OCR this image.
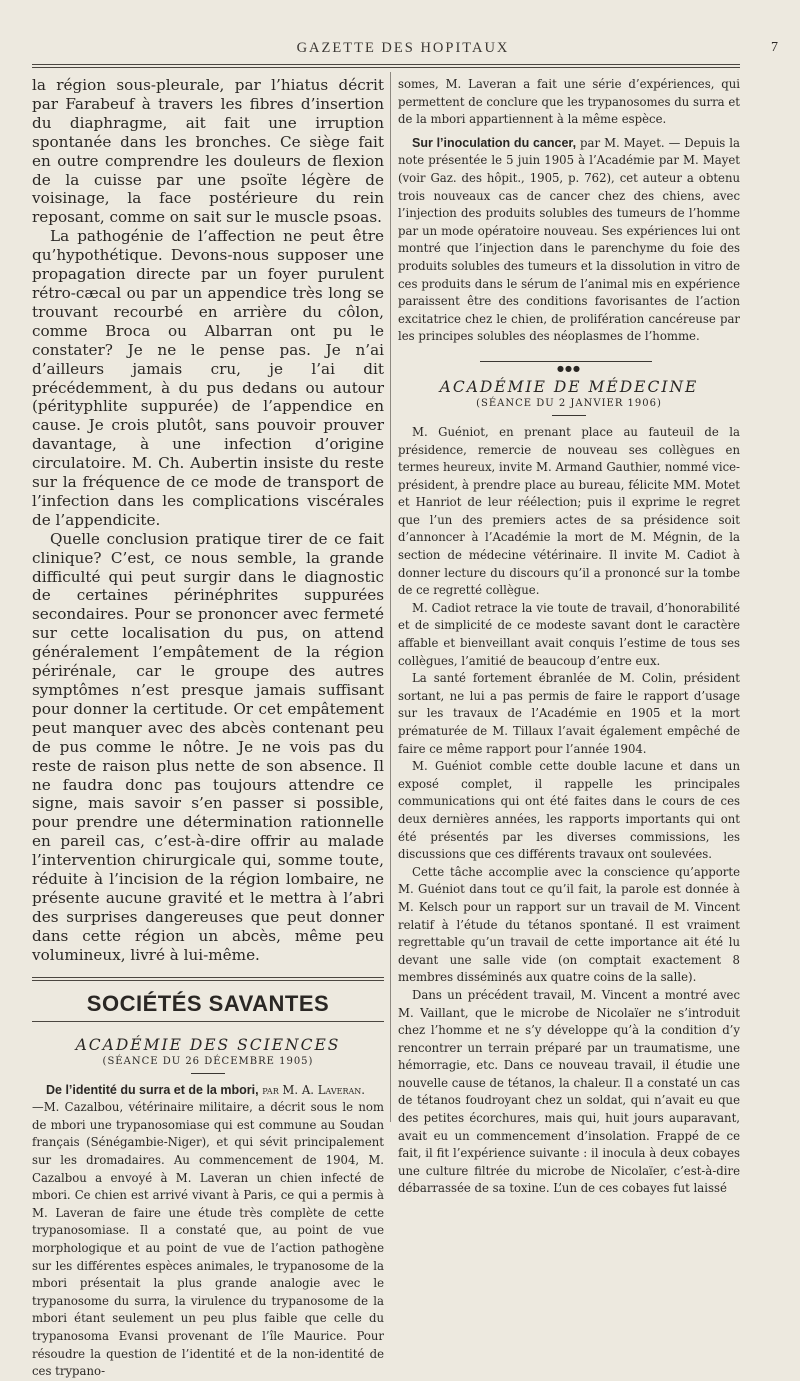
GAZETTE DES HOPITAUX	7

la région sous-pleurale, par l’hiatus décrit par Farabeuf à travers les fibres d’insertion du diaphragme, ait fait une irruption spontanée dans les bronches. Ce siège fait en outre comprendre les douleurs de flexion de la cuisse par une psoïte légère de voisinage, la face postérieure du rein reposant, comme on sait sur le muscle psoas.

La pathogénie de l’affection ne peut être qu’hypothétique. Devons-nous supposer une propagation directe par un foyer purulent rétro-cæcal ou par un appendice très long se trouvant recourbé en arrière du côlon, comme Broca ou Albarran ont pu le constater? Je ne le pense pas. Je n’ai d’ailleurs jamais cru, je l’ai dit précédemment, à du pus dedans ou autour (pérityphlite suppurée) de l’appendice en cause. Je crois plutôt, sans pouvoir prouver davantage, à une infection d’origine circulatoire. M. Ch. Aubertin insiste du reste sur la fréquence de ce mode de transport de l’infection dans les complications viscérales de l’appendicite.

Quelle conclusion pratique tirer de ce fait clinique? C’est, ce nous semble, la grande difficulté qui peut surgir dans le diagnostic de certaines périnéphrites suppurées secondaires. Pour se prononcer avec fermeté sur cette localisation du pus, on attend généralement l’empâtement de la région périrénale, car le groupe des autres symptômes n’est presque jamais suffisant pour donner la certitude. Or cet empâtement peut manquer avec des abcès contenant peu de pus comme le nôtre. Je ne vois pas du reste de raison plus nette de son absence. Il ne faudra donc pas toujours attendre ce signe, mais savoir s’en passer si possible, pour prendre une détermination rationnelle en pareil cas, c’est-à-dire offrir au malade l’intervention chirurgicale qui, somme toute, réduite à l’incision de la région lombaire, ne présente aucune gravité et le mettra à l’abri des surprises dangereuses que peut donner dans cette région un abcès, même peu volumineux, livré à lui-même.

SOCIÉTÉS SAVANTES
ACADÉMIE DES SCIENCES
(SÉANCE DU 26 DÉCEMBRE 1905)

De l’identité du surra et de la mbori, par M. A. Laveran.

—M. Cazalbou, vétérinaire militaire, a décrit sous le nom de mbori une trypanosomiase qui est commune au Soudan français (Sénégambie-Niger), et qui sévit principalement sur les dromadaires. Au commencement de 1904, M. Cazalbou a envoyé à M. Laveran un chien infecté de mbori. Ce chien est arrivé vivant à Paris, ce qui a permis à M. Laveran de faire une étude très complète de cette trypanosomiase. Il a constaté que, au point de vue morphologique et au point de vue de l’action pathogène sur les différentes espèces animales, le trypanosome de la mbori présentait la plus grande analogie avec le trypanosome du surra, la virulence du trypanosome de la mbori étant seulement un peu plus faible que celle du trypanosoma Evansi provenant de l’île Maurice. Pour résoudre la question de l’identité et de la non-identité de ces trypano-

somes, M. Laveran a fait une série d’expériences, qui permettent de conclure que les trypanosomes du surra et de la mbori appartiennent à la même espèce.

Sur l’inoculation du cancer, par M. Mayet. — Depuis la note présentée le 5 juin 1905 à l’Académie par M. Mayet (voir Gaz. des hôpit., 1905, p. 762), cet auteur a obtenu trois nouveaux cas de cancer chez des chiens, avec l’injection des produits solubles des tumeurs de l’homme par un mode opératoire nouveau. Ses expériences lui ont montré que l’injection dans le parenchyme du foie des produits solubles des tumeurs et la dissolution in vitro de ces produits dans le sérum de l’animal mis en expérience paraissent être des conditions favorisantes de l’action excitatrice chez le chien, de prolifération cancéreuse par les principes solubles des néoplasmes de l’homme.

●●●
ACADÉMIE DE MÉDECINE
(SÉANCE DU 2 JANVIER 1906)

M. Guéniot, en prenant place au fauteuil de la présidence, remercie de nouveau ses collègues en termes heureux, invite M. Armand Gauthier, nommé vice-président, à prendre place au bureau, félicite MM. Motet et Hanriot de leur réélection; puis il exprime le regret que l’un des premiers actes de sa présidence soit d’annoncer à l’Académie la mort de M. Mégnin, de la section de médecine vétérinaire. Il invite M. Cadiot à donner lecture du discours qu’il a prononcé sur la tombe de ce regretté collègue.

M. Cadiot retrace la vie toute de travail, d’honorabilité et de simplicité de ce modeste savant dont le caractère affable et bienveillant avait conquis l’estime de tous ses collègues, l’amitié de beaucoup d’entre eux.

La santé fortement ébranlée de M. Colin, président sortant, ne lui a pas permis de faire le rapport d’usage sur les travaux de l’Académie en 1905 et la mort prématurée de M. Tillaux l’avait également empêché de faire ce même rapport pour l’année 1904.

M. Guéniot comble cette double lacune et dans un exposé complet, il rappelle les principales communications qui ont été faites dans le cours de ces deux dernières années, les rapports importants qui ont été présentés par les diverses commissions, les discussions que ces différents travaux ont soulevées.

Cette tâche accomplie avec la conscience qu’apporte M. Guéniot dans tout ce qu’il fait, la parole est donnée à M. Kelsch pour un rapport sur un travail de M. Vincent relatif à l’étude du tétanos spontané. Il est vraiment regrettable qu’un travail de cette importance ait été lu devant une salle vide (on comptait exactement 8 membres disséminés aux quatre coins de la salle).

Dans un précédent travail, M. Vincent a montré avec M. Vaillant, que le microbe de Nicolaïer ne s’introduit chez l’homme et ne s’y développe qu’à la condition d’y rencontrer un terrain préparé par un traumatisme, une hémorragie, etc. Dans ce nouveau travail, il étudie une nouvelle cause de tétanos, la chaleur. Il a constaté un cas de tétanos foudroyant chez un soldat, qui n’avait eu que des petites écorchures, mais qui, huit jours auparavant, avait eu un commencement d’insolation. Frappé de ce fait, il fit l’expérience suivante : il inocula à deux cobayes une culture filtrée du microbe de Nicolaïer, c’est-à-dire débarrassée de sa toxine. L’un de ces cobayes fut laissé
